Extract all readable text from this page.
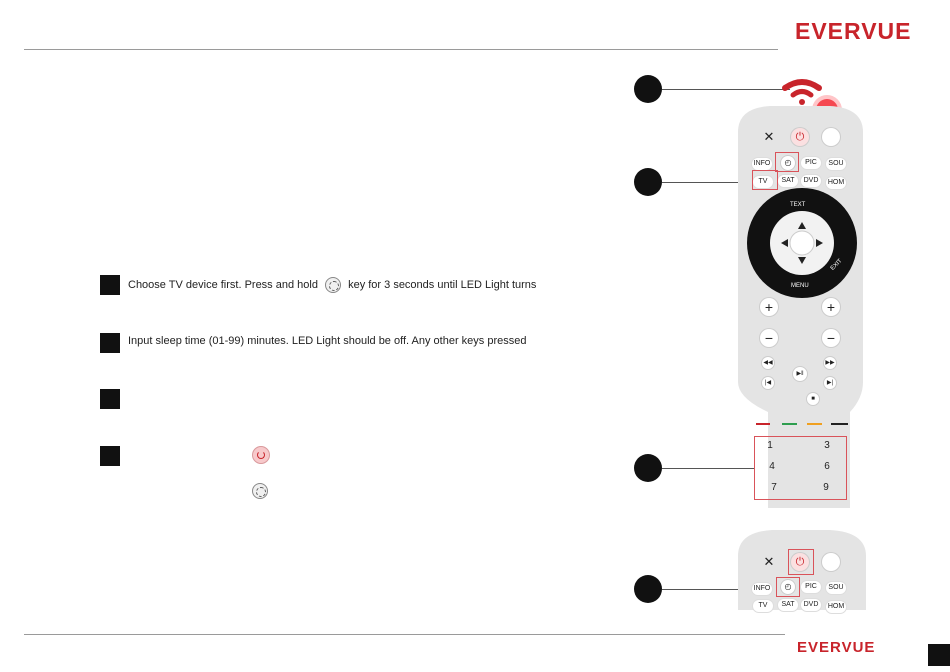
EVERVUE
Choose TV device first. Press and hold	key for 3 seconds until LED Light turns
Input sleep time (01-99) minutes. LED Light should be off. Any other keys pressed

✕	⏻
INFO	◴	PIC	SOU
TV	SAT	DVD	HOM
TEXT
MENU
EXIT
+	+
−	−
◀◀	▶▶
▶‖
|◀	▶|
■
1	3
4	6
7	9
✕	⏻
INFO	◴	PIC	SOU
TV	SAT	DVD	HOM
EVERVUE
